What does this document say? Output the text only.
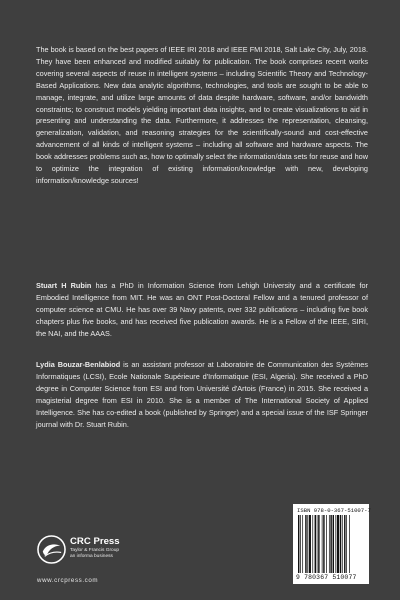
The book is based on the best papers of IEEE IRI 2018 and IEEE FMI 2018, Salt Lake City, July, 2018. They have been enhanced and modified suitably for publication. The book comprises recent works covering several aspects of reuse in intelligent systems – including Scientific Theory and Technology-Based Applications. New data analytic algorithms, technologies, and tools are sought to be able to manage, integrate, and utilize large amounts of data despite hardware, software, and/or bandwidth constraints; to construct models yielding important data insights, and to create visualizations to aid in presenting and understanding the data. Furthermore, it addresses the representation, cleansing, generalization, validation, and reasoning strategies for the scientifically-sound and cost-effective advancement of all kinds of intelligent systems – including all software and hardware aspects. The book addresses problems such as, how to optimally select the information/data sets for reuse and how to optimize the integration of existing information/knowledge with new, developing information/knowledge sources!

Stuart H Rubin has a PhD in Information Science from Lehigh University and a certificate for Embodied Intelligence from MIT. He was an ONT Post-Doctoral Fellow and a tenured professor of computer science at CMU. He has over 39 Navy patents, over 332 publications – including five book chapters plus five books, and has received five publication awards. He is a Fellow of the IEEE, SIRI, the NAI, and the AAAS.

Lydia Bouzar-Benlabiod is an assistant professor at Laboratoire de Communication des Systèmes Informatiques (LCSI), Ecole Nationale Supérieure d'Informatique (ESI, Algeria). She received a PhD degree in Computer Science from ESI and from Université d'Artois (France) in 2015. She received a magisterial degree from ESI in 2010. She is a member of The International Society of Applied Intelligence. She has co-edited a book (published by Springer) and a special issue of the ISF Springer journal with Dr. Stuart Rubin.

CRC Press
Taylor & Francis Group
an informa business
www.crcpress.com
ISBN 978-0-367-51007-7
9 780367 510077
